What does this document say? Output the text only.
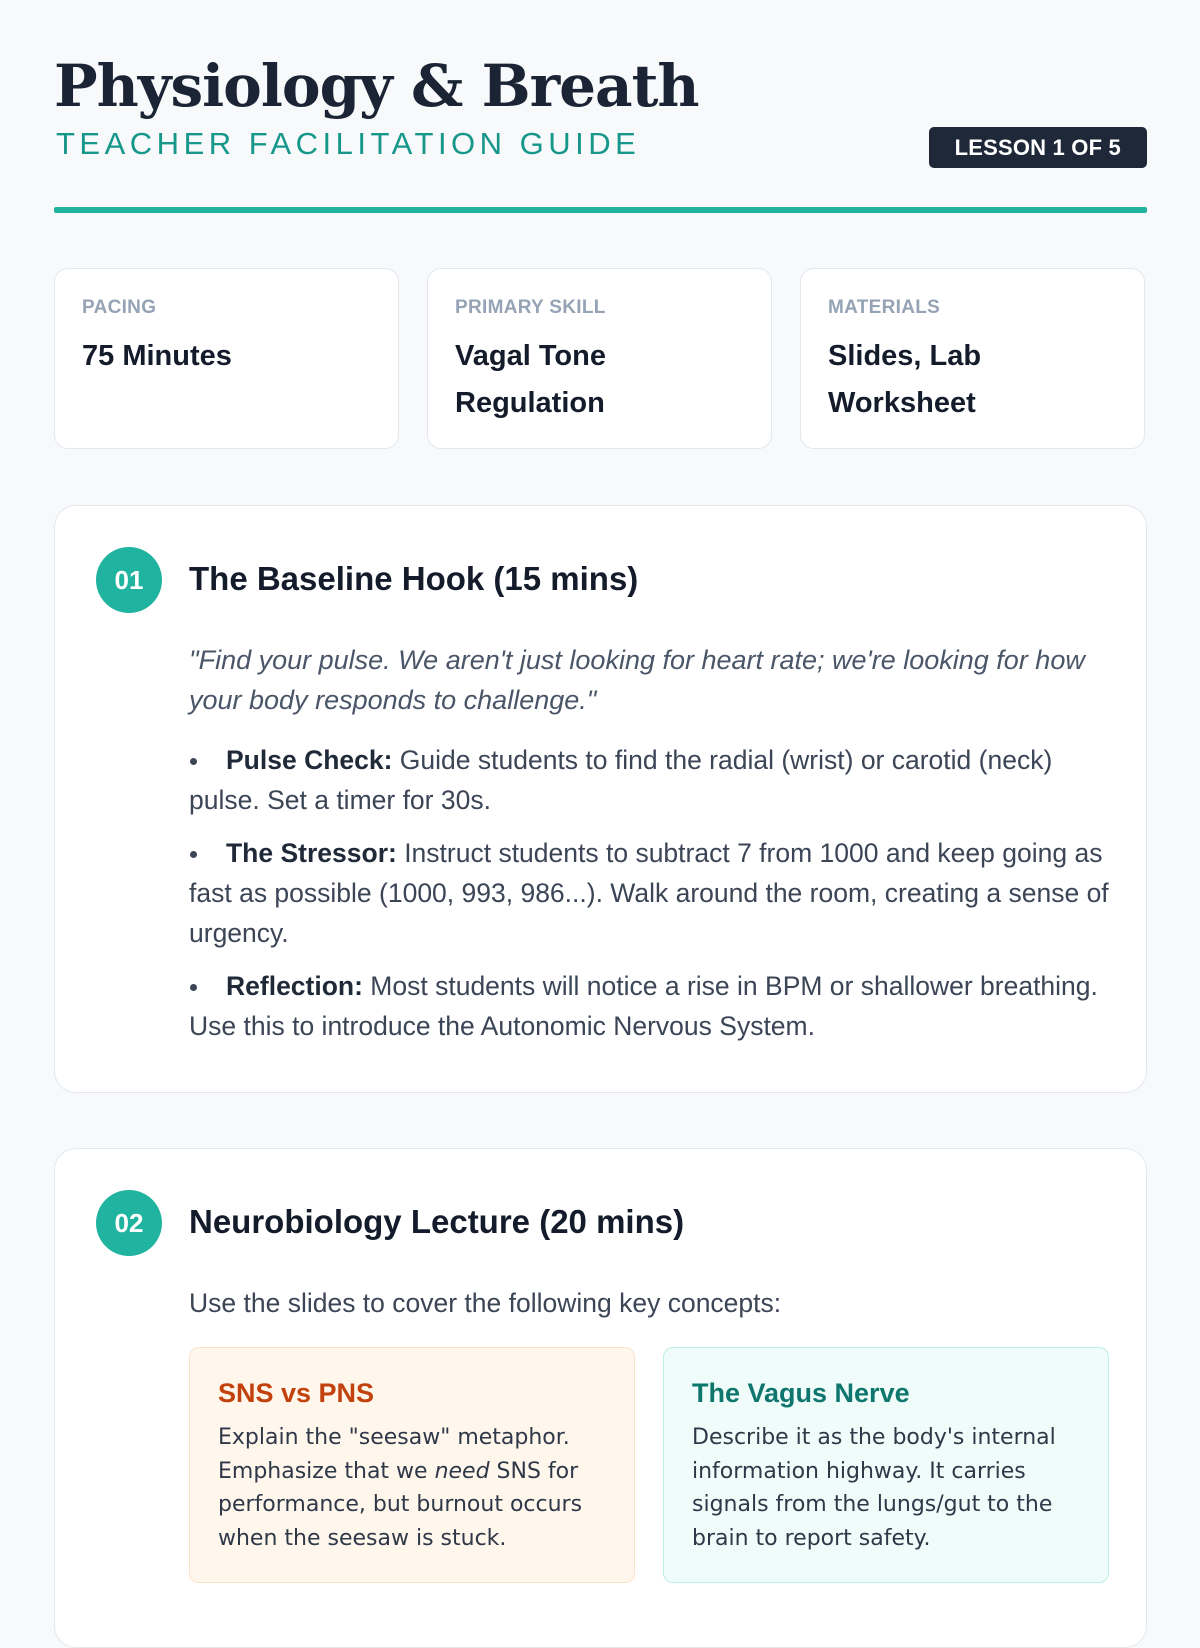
Physiology & Breath
TEACHER FACILITATION GUIDE	LESSON 1 OF 5
PACING
75 Minutes
PRIMARY SKILL
Vagal Tone Regulation
MATERIALS
Slides, Lab Worksheet
01	The Baseline Hook (15 mins)

"Find your pulse. We aren't just looking for heart rate; we're looking for how your body responds to challenge."

Pulse Check: Guide students to find the radial (wrist) or carotid (neck) pulse. Set a timer for 30s.
The Stressor: Instruct students to subtract 7 from 1000 and keep going as fast as possible (1000, 993, 986...). Walk around the room, creating a sense of urgency.
Reflection: Most students will notice a rise in BPM or shallower breathing. Use this to introduce the Autonomic Nervous System.
02	Neurobiology Lecture (20 mins)

Use the slides to cover the following key concepts:

SNS vs PNS

Explain the "seesaw" metaphor. Emphasize that we need SNS for performance, but burnout occurs when the seesaw is stuck.

The Vagus Nerve

Describe it as the body's internal information highway. It carries signals from the lungs/gut to the brain to report safety.
